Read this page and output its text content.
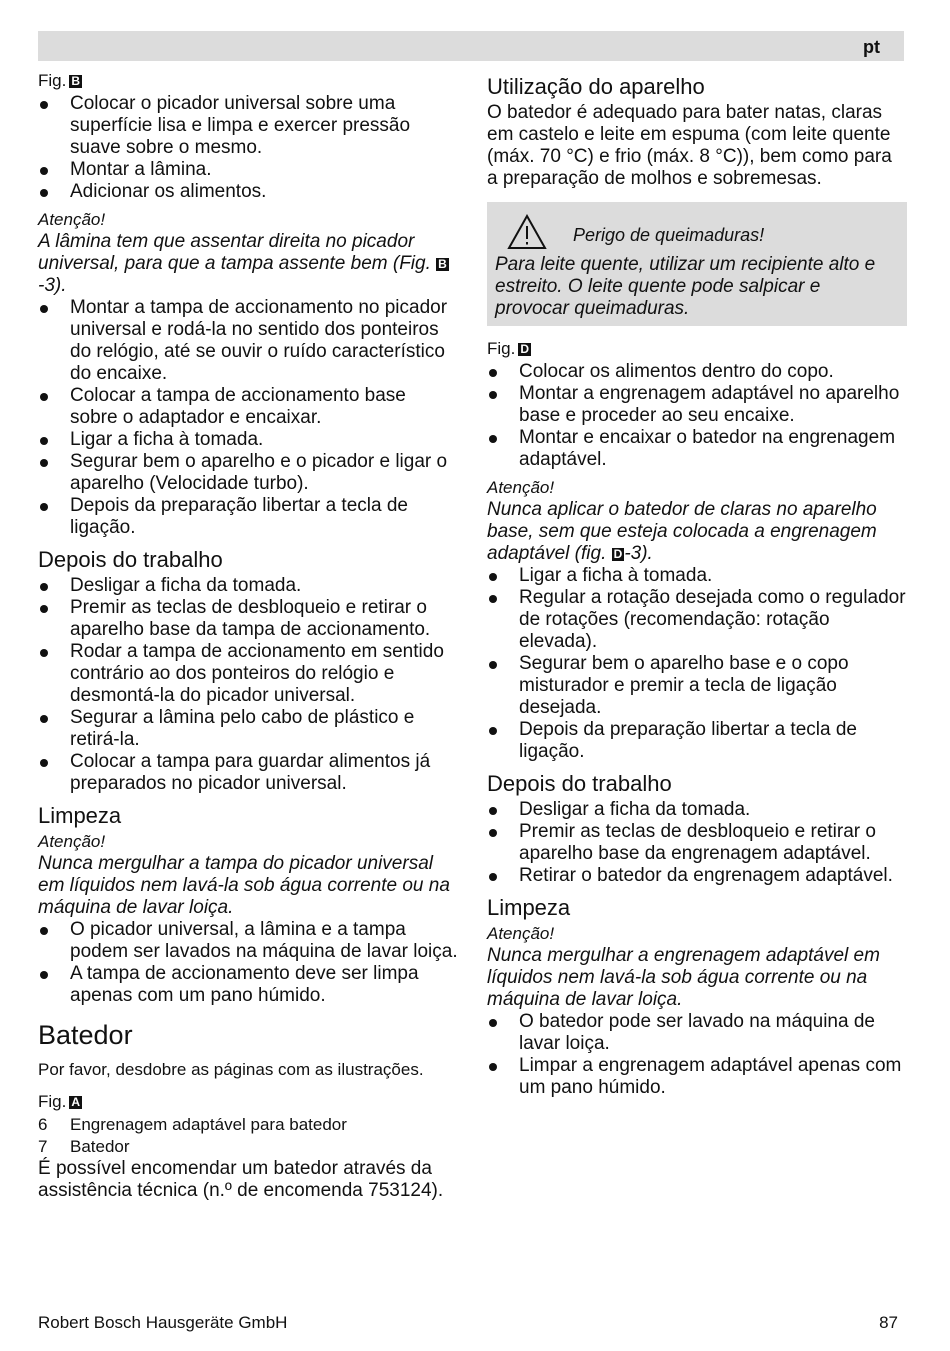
pt
Fig. B
Colocar o picador universal sobre uma superfície lisa e limpa e exercer pressão suave sobre o mesmo.
Montar a lâmina.
Adicionar os alimentos.
Atenção!
A lâmina tem que assentar direita no picador universal, para que a tampa assente bem (Fig. B-3).
Montar a tampa de accionamento no picador universal e rodá-la no sentido dos ponteiros do relógio, até se ouvir o ruído característico do encaixe.
Colocar a tampa de accionamento base sobre o adaptador e encaixar.
Ligar a ficha à tomada.
Segurar bem o aparelho e o picador e ligar o aparelho (Velocidade turbo).
Depois da preparação libertar a tecla de ligação.
Depois do trabalho
Desligar a ficha da tomada.
Premir as teclas de desbloqueio e retirar o aparelho base da tampa de accionamento.
Rodar a tampa de accionamento em sentido contrário ao dos ponteiros do relógio e desmontá-la do picador universal.
Segurar a lâmina pelo cabo de plástico e retirá-la.
Colocar a tampa para guardar alimentos já preparados no picador universal.
Limpeza
Atenção!
Nunca mergulhar a tampa do picador universal em líquidos nem lavá-la sob água corrente ou na máquina de lavar loiça.
O picador universal, a lâmina e a tampa podem ser lavados na máquina de lavar loiça.
A tampa de accionamento deve ser limpa apenas com um pano húmido.
Batedor
Por favor, desdobre as páginas com as ilustrações.
Fig. A
6 Engrenagem adaptável para batedor
7 Batedor

É possível encomendar um batedor através da assistência técnica (n.º de encomenda 753124).

Utilização do aparelho

O batedor é adequado para bater natas, claras em castelo e leite em espuma (com leite quente (máx. 70 °C) e frio (máx. 8 °C)), bem como para a preparação de molhos e sobremesas.

Perigo de queimaduras!
Para leite quente, utilizar um recipiente alto e estreito. O leite quente pode salpicar e provocar queimaduras.
Fig. D
Colocar os alimentos dentro do copo.
Montar a engrenagem adaptável no aparelho base e proceder ao seu encaixe.
Montar e encaixar o batedor na engrenagem adaptável.
Atenção!
Nunca aplicar o batedor de claras no aparelho base, sem que esteja colocada a engrenagem adaptável (fig. D -3).
Ligar a ficha à tomada.
Regular a rotação desejada como o regulador de rotações (recomendação: rotação elevada).
Segurar bem o aparelho base e o copo misturador e premir a tecla de ligação desejada.
Depois da preparação libertar a tecla de ligação.
Depois do trabalho
Desligar a ficha da tomada.
Premir as teclas de desbloqueio e retirar o aparelho base da engrenagem adaptável.
Retirar o batedor da engrenagem adaptável.
Limpeza
Atenção!
Nunca mergulhar a engrenagem adaptável em líquidos nem lavá-la sob água corrente ou na máquina de lavar loiça.
O batedor pode ser lavado na máquina de lavar loiça.
Limpar a engrenagem adaptável apenas com um pano húmido.
Robert Bosch Hausgeräte GmbH	87
